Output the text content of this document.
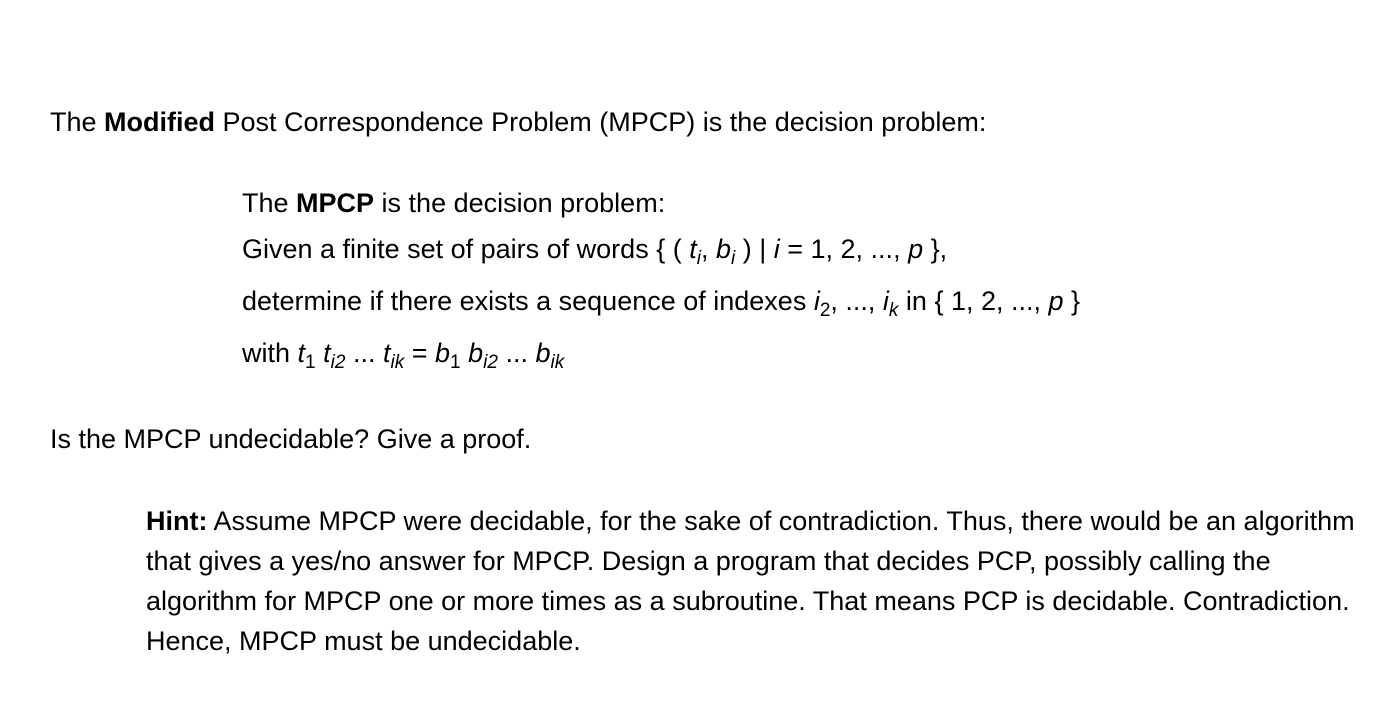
The Modified Post Correspondence Problem (MPCP) is the decision problem:
The MPCP is the decision problem:
Given a finite set of pairs of words { ( $t_i$, $b_i$ ) | i = 1, 2, ..., p },
determine if there exists a sequence of indexes $i_2$, ..., $i_k$ in { 1, 2, ..., p }
with $t_1$ $t_{i2}$ ... $t_{ik} = b_1$ $b_{i2}$ ... $b_{ik}$
Is the MPCP undecidable? Give a proof.
Hint: Assume MPCP were decidable, for the sake of contradiction. Thus, there would be an algorithm that gives a yes/no answer for MPCP. Design a program that decides PCP, possibly calling the algorithm for MPCP one or more times as a subroutine. That means PCP is decidable. Contradiction. Hence, MPCP must be undecidable.
